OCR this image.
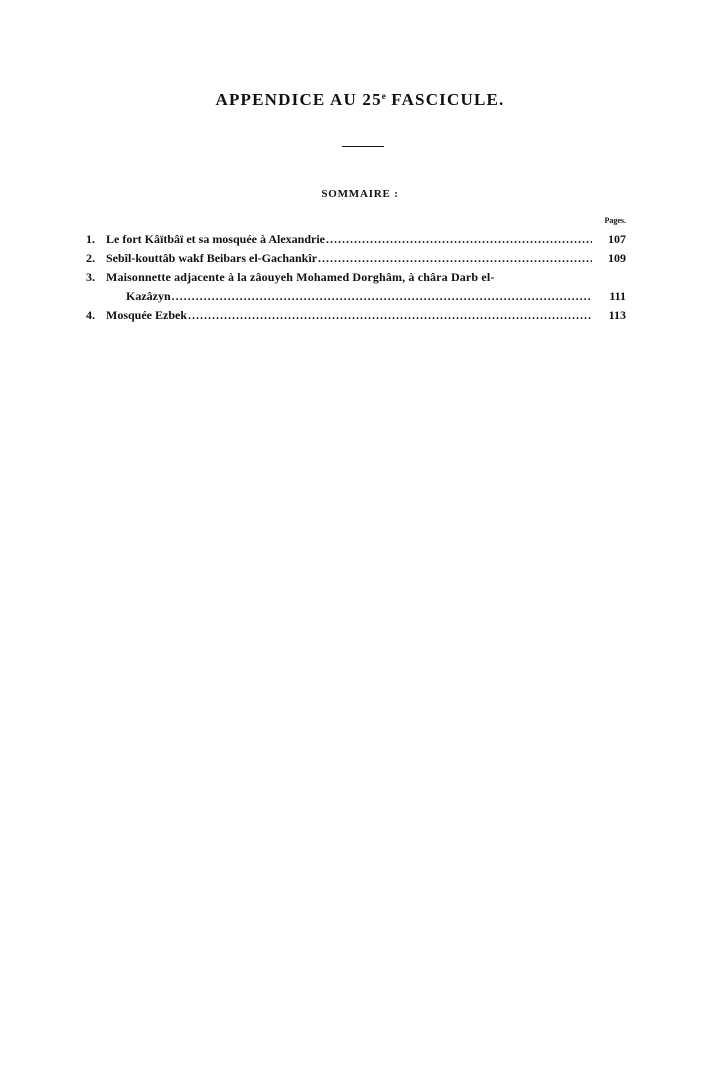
APPENDICE AU 25e FASCICULE.
SOMMAIRE :
Pages.
1. Le fort Kâïtbâï et sa mosquée à Alexandrie .....	107
2. Sebîl-kouttâb wakf Beibars el-Gachankîr .....	109
3. Maisonnette adjacente à la zâouyeh Mohamed Dorghâm, à châra Darb el-
Kazâzyn .....	111
4. Mosquée Ezbek .....	113
